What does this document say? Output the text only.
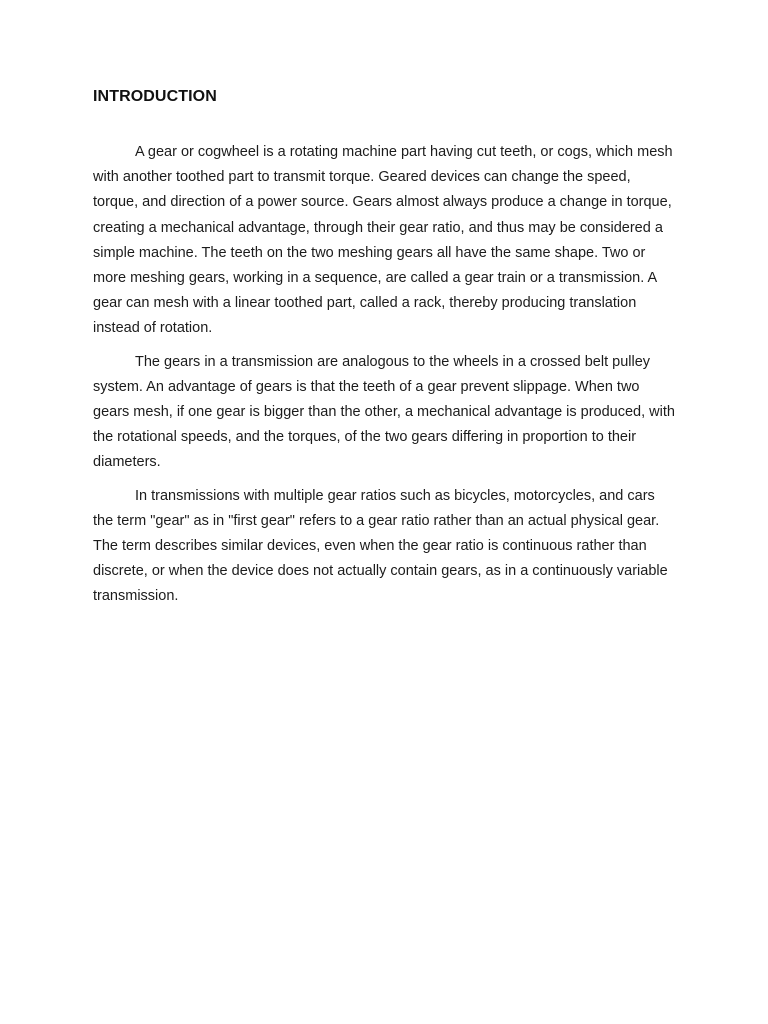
INTRODUCTION

A gear or cogwheel is a rotating machine part having cut teeth, or cogs, which mesh with another toothed part to transmit torque. Geared devices can change the speed, torque, and direction of a power source. Gears almost always produce a change in torque, creating a mechanical advantage, through their gear ratio, and thus may be considered a simple machine. The teeth on the two meshing gears all have the same shape. Two or more meshing gears, working in a sequence, are called a gear train or a transmission. A gear can mesh with a linear toothed part, called a rack, thereby producing translation instead of rotation.

The gears in a transmission are analogous to the wheels in a crossed belt pulley system. An advantage of gears is that the teeth of a gear prevent slippage. When two gears mesh, if one gear is bigger than the other, a mechanical advantage is produced, with the rotational speeds, and the torques, of the two gears differing in proportion to their diameters.

In transmissions with multiple gear ratios such as bicycles, motorcycles, and cars the term "gear" as in "first gear" refers to a gear ratio rather than an actual physical gear. The term describes similar devices, even when the gear ratio is continuous rather than discrete, or when the device does not actually contain gears, as in a continuously variable transmission.
